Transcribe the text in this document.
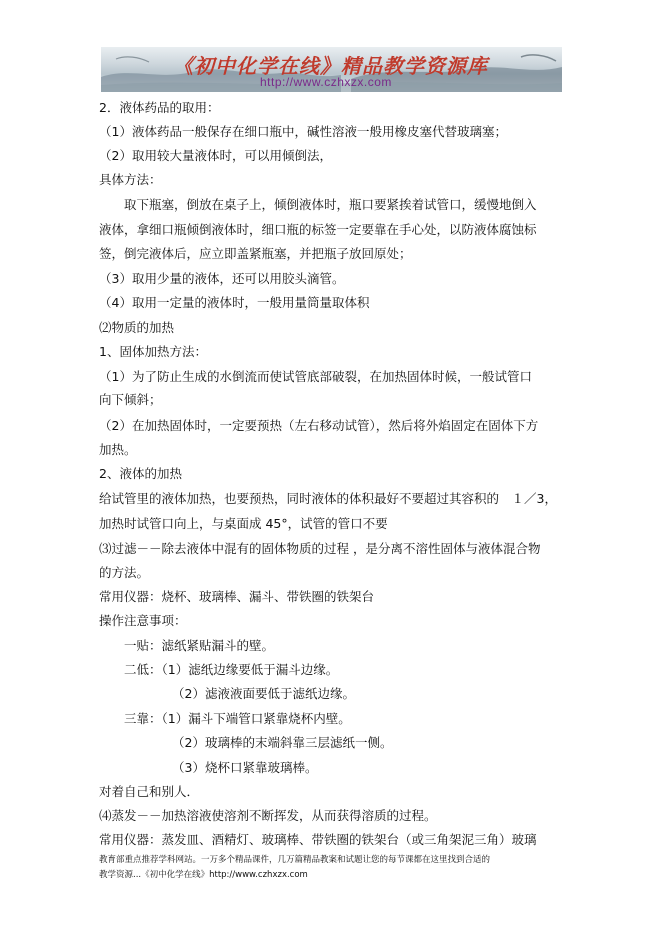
《初中化学在线》精品教学资源库
http://www.czhxzx.com
2．液体药品的取用：
（1）液体药品一般保存在细口瓶中，碱性溶液一般用橡皮塞代替玻璃塞；
（2）取用较大量液体时，可以用倾倒法，
具体方法：
取下瓶塞，倒放在桌子上，倾倒液体时，瓶口要紧挨着试管口，缓慢地倒入
液体，拿细口瓶倾倒液体时，细口瓶的标签一定要靠在手心处，以防液体腐蚀标
签，倒完液体后，应立即盖紧瓶塞，并把瓶子放回原处；
（3）取用少量的液体，还可以用胶头滴管。
（4）取用一定量的液体时，一般用量筒量取体积
⑵物质的加热
1、固体加热方法：
（1）为了防止生成的水倒流而使试管底部破裂，在加热固体时候，一般试管口
向下倾斜；
（2）在加热固体时，一定要预热（左右移动试管），然后将外焰固定在固体下方
加热。
2、液体的加热
给试管里的液体加热，也要预热，同时液体的体积最好不要超过其容积的　１／3，
加热时试管口向上，与桌面成 45°，试管的管口不要
⑶过滤－－除去液体中混有的固体物质的过程 ，是分离不溶性固体与液体混合物
的方法。
常用仪器：烧杯、玻璃棒、漏斗、带铁圈的铁架台
操作注意事项：
一贴：滤纸紧贴漏斗的壁。
二低：（1）滤纸边缘要低于漏斗边缘。
（2）滤液液面要低于滤纸边缘。
三靠：（1）漏斗下端管口紧靠烧杯内壁。
（2）玻璃棒的末端斜靠三层滤纸一侧。
（3）烧杯口紧靠玻璃棒。
对着自己和别人．
⑷蒸发－－加热溶液使溶剂不断挥发，从而获得溶质的过程。
常用仪器：蒸发皿、酒精灯、玻璃棒、带铁圈的铁架台（或三角架泥三角）玻璃
教育部重点推荐学科网站。一万多个精品课件，几万篇精品教案和试题让您的每节课都在这里找到合适的
教学资源...《初中化学在线》http://www.czhxzx.com
